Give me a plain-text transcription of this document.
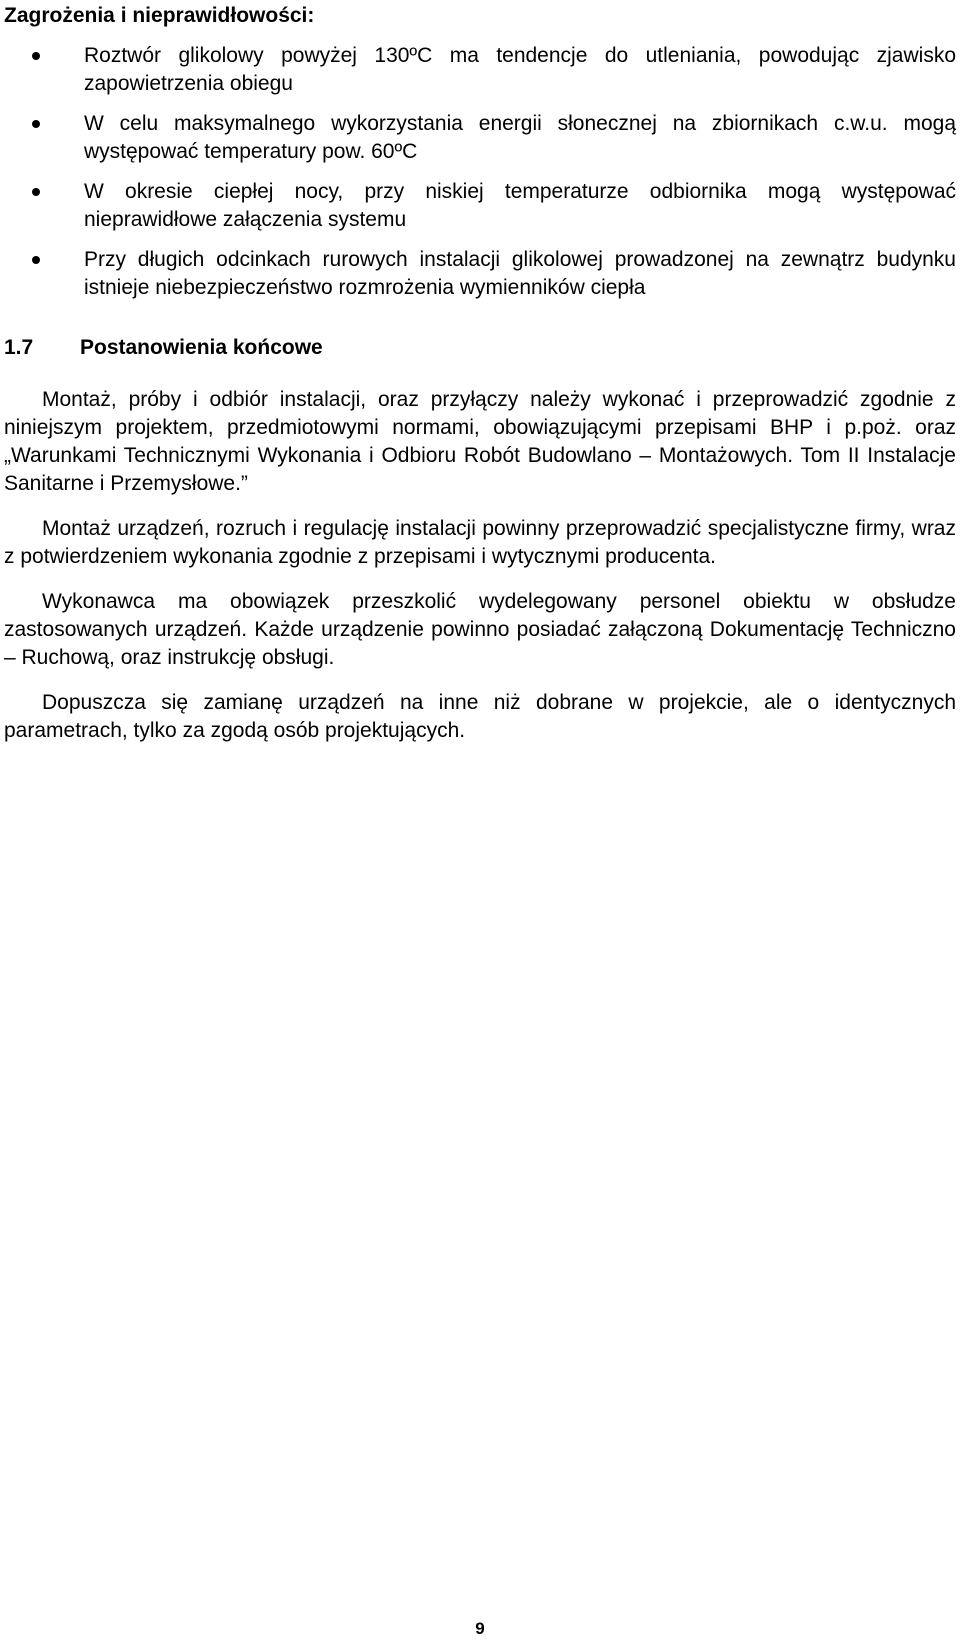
Zagrożenia i nieprawidłowości:
Roztwór glikolowy powyżej 130ºC ma tendencje do utleniania, powodując zjawisko zapowietrzenia obiegu
W celu maksymalnego wykorzystania energii słonecznej na zbiornikach c.w.u. mogą występować temperatury pow. 60ºC
W okresie ciepłej nocy, przy niskiej temperaturze odbiornika mogą występować nieprawidłowe załączenia systemu
Przy długich odcinkach rurowych instalacji glikolowej prowadzonej na zewnątrz budynku istnieje niebezpieczeństwo rozmrożenia wymienników ciepła
1.7	Postanowienia końcowe

Montaż, próby i odbiór instalacji, oraz przyłączy należy wykonać i przeprowadzić zgodnie z niniejszym projektem, przedmiotowymi normami, obowiązującymi przepisami BHP i p.poż. oraz „Warunkami Technicznymi Wykonania i Odbioru Robót Budowlano – Montażowych. Tom II Instalacje Sanitarne i Przemysłowe.”

Montaż urządzeń, rozruch i regulację instalacji powinny przeprowadzić specjalistyczne firmy, wraz z potwierdzeniem wykonania zgodnie z przepisami i wytycznymi producenta.

Wykonawca ma obowiązek przeszkolić wydelegowany personel obiektu w obsłudze zastosowanych urządzeń. Każde urządzenie powinno posiadać załączoną Dokumentację Techniczno – Ruchową, oraz instrukcję obsługi.

Dopuszcza się zamianę urządzeń na inne niż dobrane w projekcie, ale o identycznych parametrach, tylko za zgodą osób projektujących.

9
